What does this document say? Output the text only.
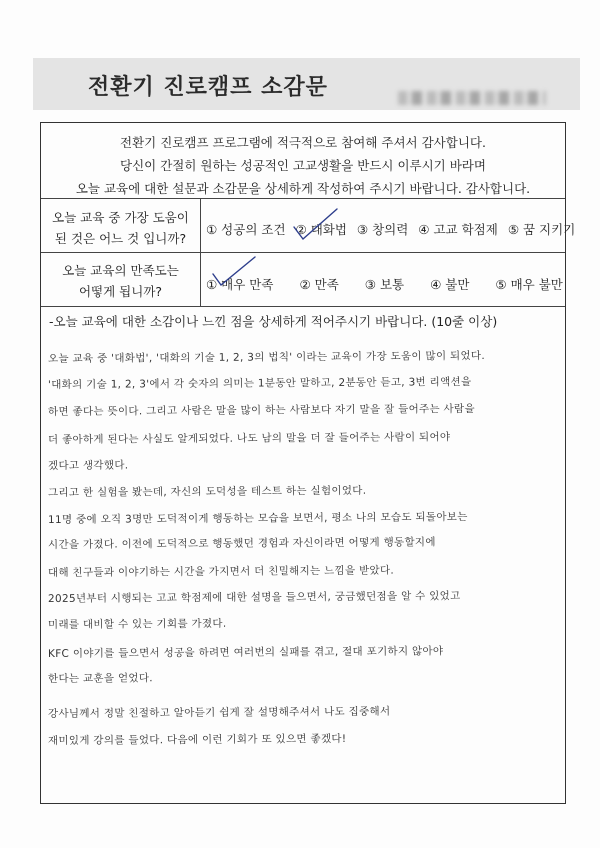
전환기 진로캠프 소감문
전환기 진로캠프 프로그램에 적극적으로 참여해 주셔서 감사합니다.
당신이 간절히 원하는 성공적인 고교생활을 반드시 이루시기 바라며
오늘 교육에 대한 설문과 소감문을 상세하게 작성하여 주시기 바랍니다. 감사합니다.
오늘 교육 중 가장 도움이
된 것은 어느 것 입니까?
① 성공의 조건 ② 대화법 ③ 창의력 ④ 고교 학점제 ⑤ 꿈 지키기
오늘 교육의 만족도는
어떻게 됩니까?	① 매우 만족 ② 만족 ③ 보통 ④ 불만 ⑤ 매우 불만
-오늘 교육에 대한 소감이나 느낀 점을 상세하게 적어주시기 바랍니다. (10줄 이상)
오늘 교육 중 '대화법', '대화의 기술 1, 2, 3의 법칙' 이라는 교육이 가장 도움이 많이 되었다.
'대화의 기술 1, 2, 3'에서 각 숫자의 의미는 1분동안 말하고, 2분동안 듣고, 3번 리액션을
하면 좋다는 뜻이다. 그리고 사람은 말을 많이 하는 사람보다 자기 말을 잘 들어주는 사람을
더 좋아하게 된다는 사실도 알게되었다. 나도 남의 말을 더 잘 들어주는 사람이 되어야
겠다고 생각했다.
그리고 한 실험을 봤는데, 자신의 도덕성을 테스트 하는 실험이었다.
11명 중에 오직 3명만 도덕적이게 행동하는 모습을 보면서, 평소 나의 모습도 되돌아보는
시간을 가졌다. 이전에 도덕적으로 행동했던 경험과 자신이라면 어떻게 행동할지에
대해 친구들과 이야기하는 시간을 가지면서 더 친밀해지는 느낌을 받았다.
2025년부터 시행되는 고교 학점제에 대한 설명을 들으면서, 궁금했던점을 알 수 있었고
미래를 대비할 수 있는 기회를 가졌다.
KFC 이야기를 들으면서 성공을 하려면 여러번의 실패를 겪고, 절대 포기하지 않아야
한다는 교훈을 얻었다.
강사님께서 정말 친절하고 알아듣기 쉽게 잘 설명해주셔서 나도 집중해서
재미있게 강의를 들었다. 다음에 이런 기회가 또 있으면 좋겠다!
